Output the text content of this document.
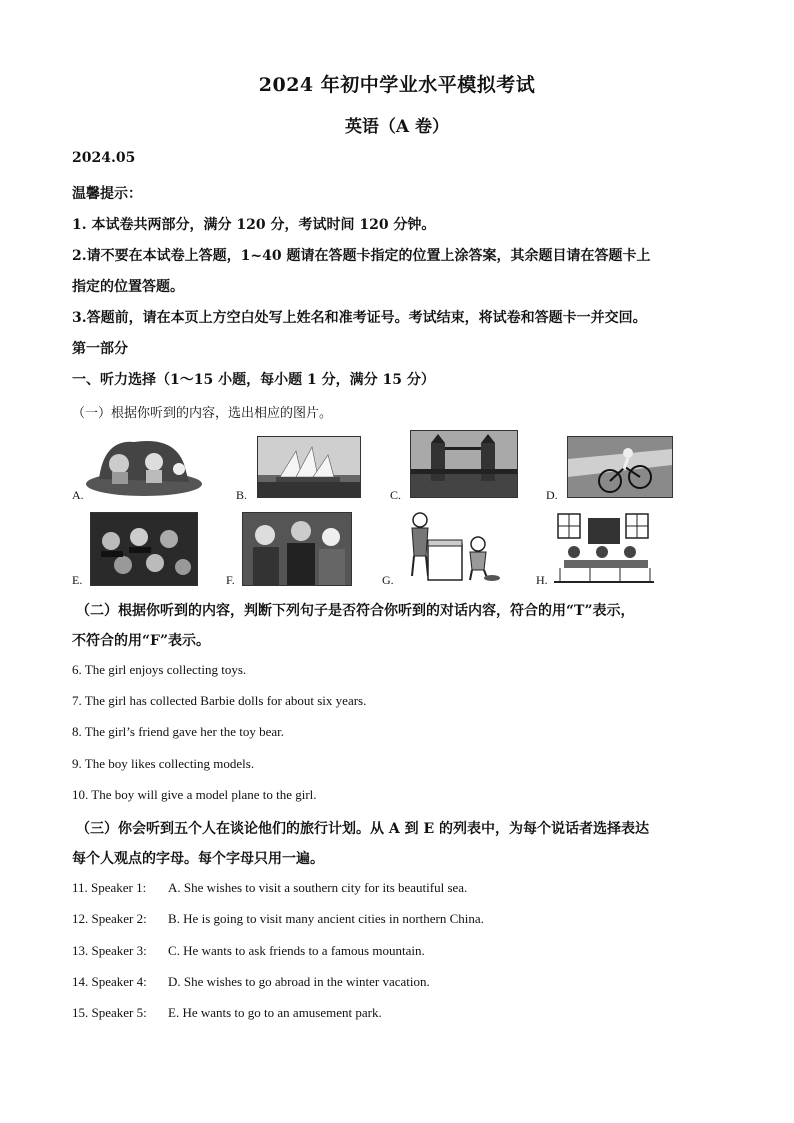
2024 年初中学业水平模拟考试
英语（A 卷）
2024.05
温馨提示：
1. 本试卷共两部分，满分 120 分，考试时间 120 分钟。
2.请不要在本试卷上答题，1~40 题请在答题卡指定的位置上涂答案，其余题目请在答题卡上
指定的位置答题。
3.答题前，请在本页上方空白处写上姓名和准考证号。考试结束，将试卷和答题卡一并交回。
第一部分
一、听力选择（1～15 小题，每小题 1 分，满分 15 分）
（一）根据你听到的内容，选出相应的图片。
A.	B.	C.	D.
E.	F.	G.	H.
（二）根据你听到的内容，判断下列句子是否符合你听到的对话内容，符合的用“T”表示，
不符合的用“F”表示。
6. The girl enjoys collecting toys.
7. The girl has collected Barbie dolls for about six years.
8. The girl’s friend gave her the toy bear.
9. The boy likes collecting models.
10. The boy will give a model plane to the girl.
（三）你会听到五个人在谈论他们的旅行计划。从 A 到 E 的列表中，为每个说话者选择表达
每个人观点的字母。每个字母只用一遍。
11. Speaker 1: A. She wishes to visit a southern city for its beautiful sea.
12. Speaker 2: B. He is going to visit many ancient cities in northern China.
13. Speaker 3: C. He wants to ask friends to a famous mountain.
14. Speaker 4: D. She wishes to go abroad in the winter vacation.
15. Speaker 5: E. He wants to go to an amusement park.
